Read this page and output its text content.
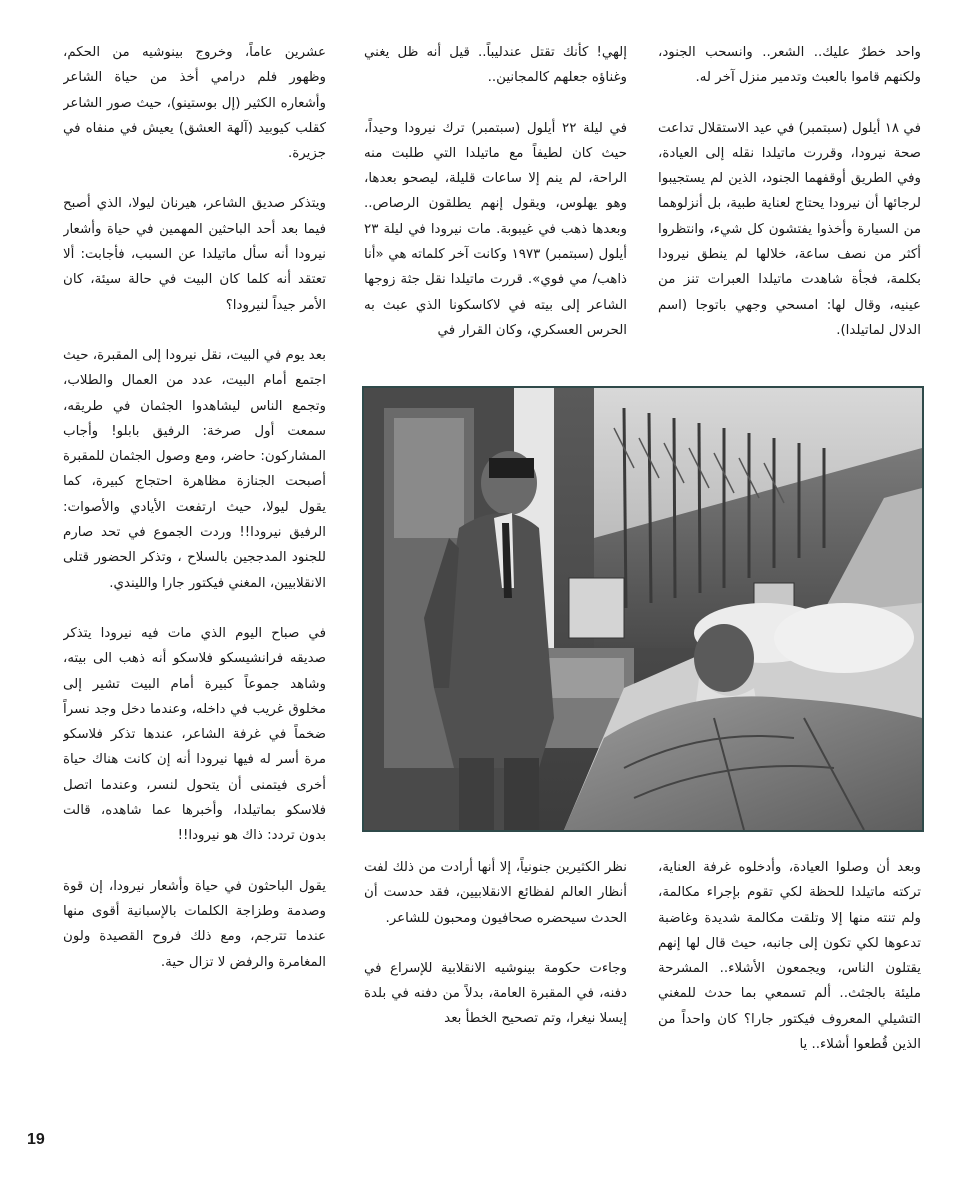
واحد خطرٌ عليك.. الشعر.. وانسحب الجنود، ولكنهم قاموا بالعبث وتدمير منزل آخر له.

في ١٨ أيلول (سبتمبر) في عيد الاستقلال تداعت صحة نيرودا، وقررت ماتيلدا نقله إلى العيادة، وفي الطريق أوقفهما الجنود، الذين لم يستجيبوا لرجائها أن نيرودا يحتاج لعناية طبية، بل أنزلوهما من السيارة وأخذوا يفتشون كل شيء، وانتظروا أكثر من نصف ساعة، خلالها لم ينطق نيرودا بكلمة، فجأة شاهدت ماتيلدا العبرات تنز من عينيه، وقال لها: امسحي وجهي باتوجا (اسم الدلال لماتيلدا).

إلهي! كأنك تقتل عندليباً.. قيل أنه ظل يغني وغناؤه جعلهم كالمجانين..

في ليلة ٢٢ أيلول (سبتمبر) ترك نيرودا وحيداً، حيث كان لطيفاً مع ماتيلدا التي طلبت منه الراحة، لم ينم إلا ساعات قليلة، ليصحو بعدها، وهو يهلوس، ويقول إنهم يطلقون الرصاص.. وبعدها ذهب في غيبوبة. مات نيرودا في ليلة ٢٣ أيلول (سبتمبر) ١٩٧٣ وكانت آخر كلماته هي «أنا ذاهب/ مي فوي». قررت ماتيلدا نقل جثة زوجها الشاعر إلى بيته في لاكاسكونا الذي عبث به الحرس العسكري، وكان القرار في

عشرين عاماً، وخروج بينوشيه من الحكم، وظهور فلم درامي أخذ من حياة الشاعر وأشعاره الكثير (إل بوستينو)، حيث صور الشاعر كقلب كيوبيد (آلهة العشق) يعيش في منفاه في جزيرة.

ويتذكر صديق الشاعر، هيرنان ليولا، الذي أصبح فيما بعد أحد الباحثين المهمين في حياة وأشعار نيرودا أنه سأل ماتيلدا عن السبب، فأجابت: ألا تعتقد أنه كلما كان البيت في حالة سيئة، كان الأمر جيداً لنيرودا؟

بعد يوم في البيت، نقل نيرودا إلى المقبرة، حيث اجتمع أمام البيت، عدد من العمال والطلاب، وتجمع الناس ليشاهدوا الجثمان في طريقه، سمعت أول صرخة: الرفيق بابلو! وأجاب المشاركون: حاضر، ومع وصول الجثمان للمقبرة أصبحت الجنازة مظاهرة احتجاج كبيرة، كما يقول ليولا، حيث ارتفعت الأيادي والأصوات: الرفيق نيرودا!! وردت الجموع في تحد صارم للجنود المدججين بالسلاح ، وتذكر الحضور قتلى الانقلابيين، المغني فيكتور جارا والليندي.

في صباح اليوم الذي مات فيه نيرودا يتذكر صديقه فرانشيسكو فلاسكو أنه ذهب الى بيته، وشاهد جموعاً كبيرة أمام البيت تشير إلى مخلوق غريب في داخله، وعندما دخل وجد نسراً ضخماً في غرفة الشاعر، عندها تذكر فلاسكو مرة أسر له فيها نيرودا أنه إن كانت هناك حياة أخرى فيتمنى أن يتحول لنسر، وعندما اتصل فلاسكو بماتيلدا، وأخبرها عما شاهده، قالت بدون تردد: ذاك هو نيرودا!!

يقول الباحثون في حياة وأشعار نيرودا، إن قوة وصدمة وطزاجة الكلمات بالإسبانية أقوى منها عندما تترجم، ومع ذلك فروح القصيدة ولون المغامرة والرفض لا تزال حية.

وبعد أن وصلوا العيادة، وأدخلوه غرفة العناية، تركته ماتيلدا للحظة لكي تقوم بإجراء مكالمة، ولم تنته منها إلا وتلقت مكالمة شديدة وغاضبة تدعوها لكي تكون إلى جانبه، حيث قال لها إنهم يقتلون الناس، ويجمعون الأشلاء.. المشرحة مليئة بالجثث.. ألم تسمعي بما حدث للمغني التشيلي المعروف فيكتور جارا؟ كان واحداً من الذين قُطعوا أشلاء.. يا

نظر الكثيرين جنونياً، إلا أنها أرادت من ذلك لفت أنظار العالم لفظائع الانقلابيين، فقد حدست أن الحدث سيحضره صحافيون ومحبون للشاعر.

وجاءت حكومة بينوشيه الانقلابية للإسراع في دفنه، في المقبرة العامة، بدلاً من دفنه في بلدة إيسلا نيغرا، وتم تصحيح الخطأ بعد

19
